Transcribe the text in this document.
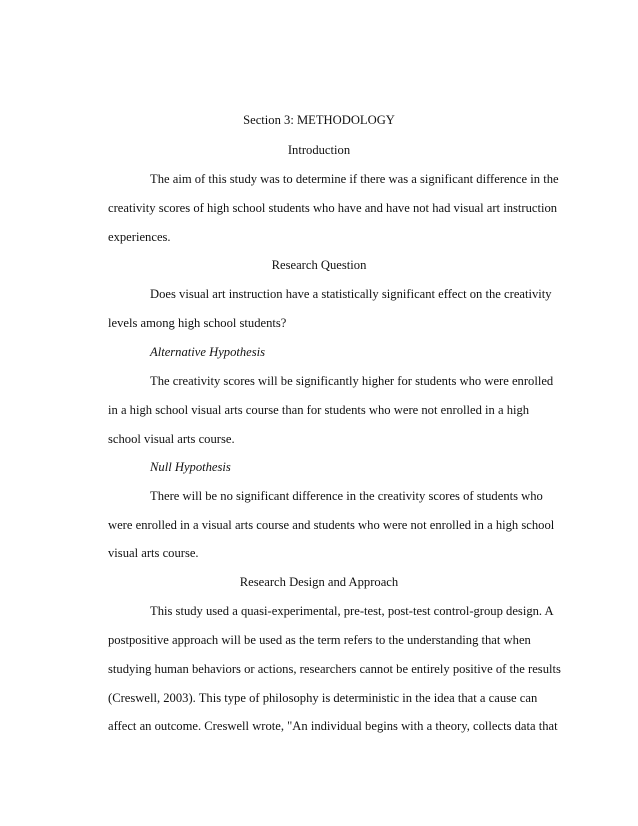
Section 3: METHODOLOGY
Introduction
The aim of this study was to determine if there was a significant difference in the
creativity scores of high school students who have and have not had visual art instruction
experiences.
Research Question
Does visual art instruction have a statistically significant effect on the creativity
levels among high school students?
Alternative Hypothesis
The creativity scores will be significantly higher for students who were enrolled
in a high school visual arts course than for students who were not enrolled in a high
school visual arts course.
Null Hypothesis
There will be no significant difference in the creativity scores of students who
were enrolled in a visual arts course and students who were not enrolled in a high school
visual arts course.
Research Design and Approach
This study used a quasi-experimental, pre-test, post-test control-group design. A
postpositive approach will be used as the term refers to the understanding that when
studying human behaviors or actions, researchers cannot be entirely positive of the results
(Creswell, 2003). This type of philosophy is deterministic in the idea that a cause can
affect an outcome. Creswell wrote, "An individual begins with a theory, collects data that
